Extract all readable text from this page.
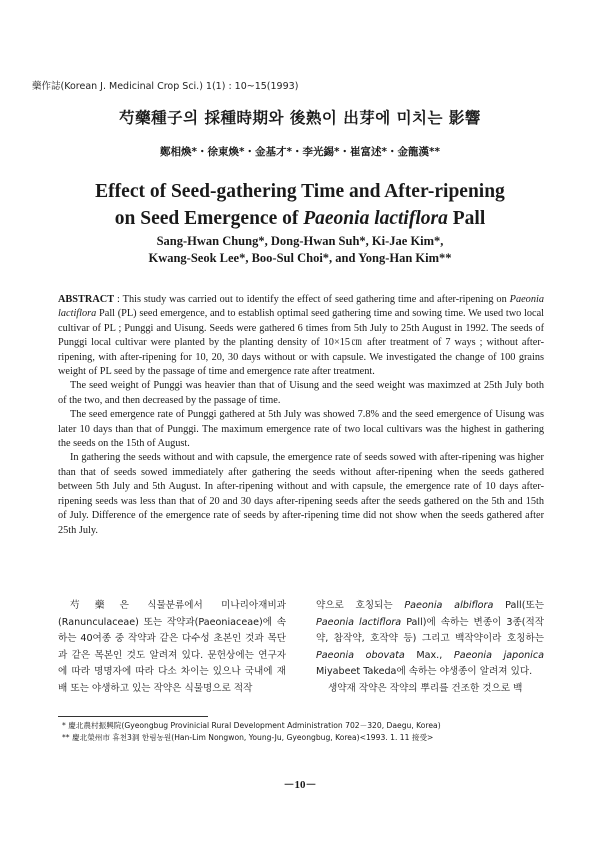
藥作誌(Korean J. Medicinal Crop Sci.) 1(1) : 10~15(1993)
芍藥種子의 採種時期와 後熟이 出芽에 미치는 影響
鄭相煥*・徐東煥*・金基才*・李光錫*・崔富述*・金龍漢**
Effect of Seed-gathering Time and After-ripening
on Seed Emergence of Paeonia lactiflora Pall
Sang-Hwan Chung*, Dong-Hwan Suh*, Ki-Jae Kim*,
Kwang-Seok Lee*, Boo-Sul Choi*, and Yong-Han Kim**

ABSTRACT : This study was carried out to identify the effect of seed gathering time and after-ripening on Paeonia lactiflora Pall (PL) seed emergence, and to establish optimal seed gathering time and sowing time. We used two local cultivar of PL ; Punggi and Uisung. Seeds were gathered 6 times from 5th July to 25th August in 1992. The seeds of Punggi local cultivar were planted by the planting density of 10×15㎝ after treatment of 7 ways ; without after-ripening, with after-ripening for 10, 20, 30 days without or with capsule. We investigated the change of 100 grains weight of PL seed by the passage of time and emergence rate after treatment.

The seed weight of Punggi was heavier than that of Uisung and the seed weight was maximzed at 25th July both of the two, and then decreased by the passage of time.

The seed emergence rate of Punggi gathered at 5th July was showed 7.8% and the seed emergence of Uisung was later 10 days than that of Punggi. The maximum emergence rate of two local cultivars was the highest in gathering the seeds on the 15th of August.

In gathering the seeds without and with capsule, the emergence rate of seeds sowed with after-ripening was higher than that of seeds sowed immediately after gathering the seeds without after-ripening when the seeds gathered between 5th July and 5th August. In after-ripening without and with capsule, the emergence rate of 10 days after-ripening seeds was less than that of 20 and 30 days after-ripening seeds after the seeds gathered on the 5th and 15th of July. Difference of the emergence rate of seeds by after-ripening time did not show when the seeds gathered after 25th July.

芍藥은 식물분류에서 미나리아재비과(Ranunculaceae) 또는 작약과(Paeoniaceae)에 속하는 40여종 중 작약과 같은 다수성 초본인 것과 목단과 같은 목본인 것도 알려져 있다. 문헌상에는 연구자에 따라 명명자에 따라 다소 차이는 있으나 국내에 재배 또는 야생하고 있는 작약은 식물명으로 적작

약으로 호칭되는 Paeonia albiflora Pall(또는 Paeonia lactiflora Pall)에 속하는 변종이 3종(적작약, 참작약, 호작약 등) 그리고 백작약이라 호칭하는 Paeonia obovata Max., Paeonia japonica Miyabeet Takeda에 속하는 야생종이 알려져 있다.

생약재 작약은 작약의 뿌리를 건조한 것으로 백

* 慶北農村振興院(Gyeongbug Provinicial Rural Development Administration 702－320, Daegu, Korea)
** 慶北榮州市 휴천3洞 한림농원(Han-Lim Nongwon, Young-Ju, Gyeongbug, Korea)<1993. 1. 11 接受>
－10－
